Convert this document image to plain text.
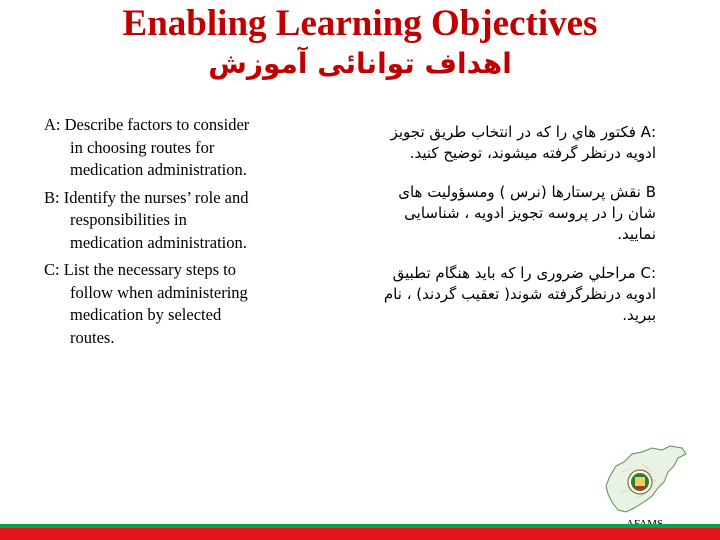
Enabling Learning Objectives
اهداف توانائی آموزش

A: Describe factors to consider in choosing routes for medication administration.

B: Identify the nurses’ role and responsibilities in medication administration.

C: List the necessary steps to follow when administering medication by selected routes.

:A فکتور هاي را که در انتخاب طریق تجویز ادویه درنظر گرفته میشوند، توضیح کنید.

B نقش پرستارها (نرس ) ومسؤولیت های شان را در پروسه تجویز ادویه ، شناسایی نمایید.

:C مراحلي ضروری را که باید هنگام تطبیق ادویه درنظرگرفته شوند( تعقیب گردند) ، نام ببرید.
